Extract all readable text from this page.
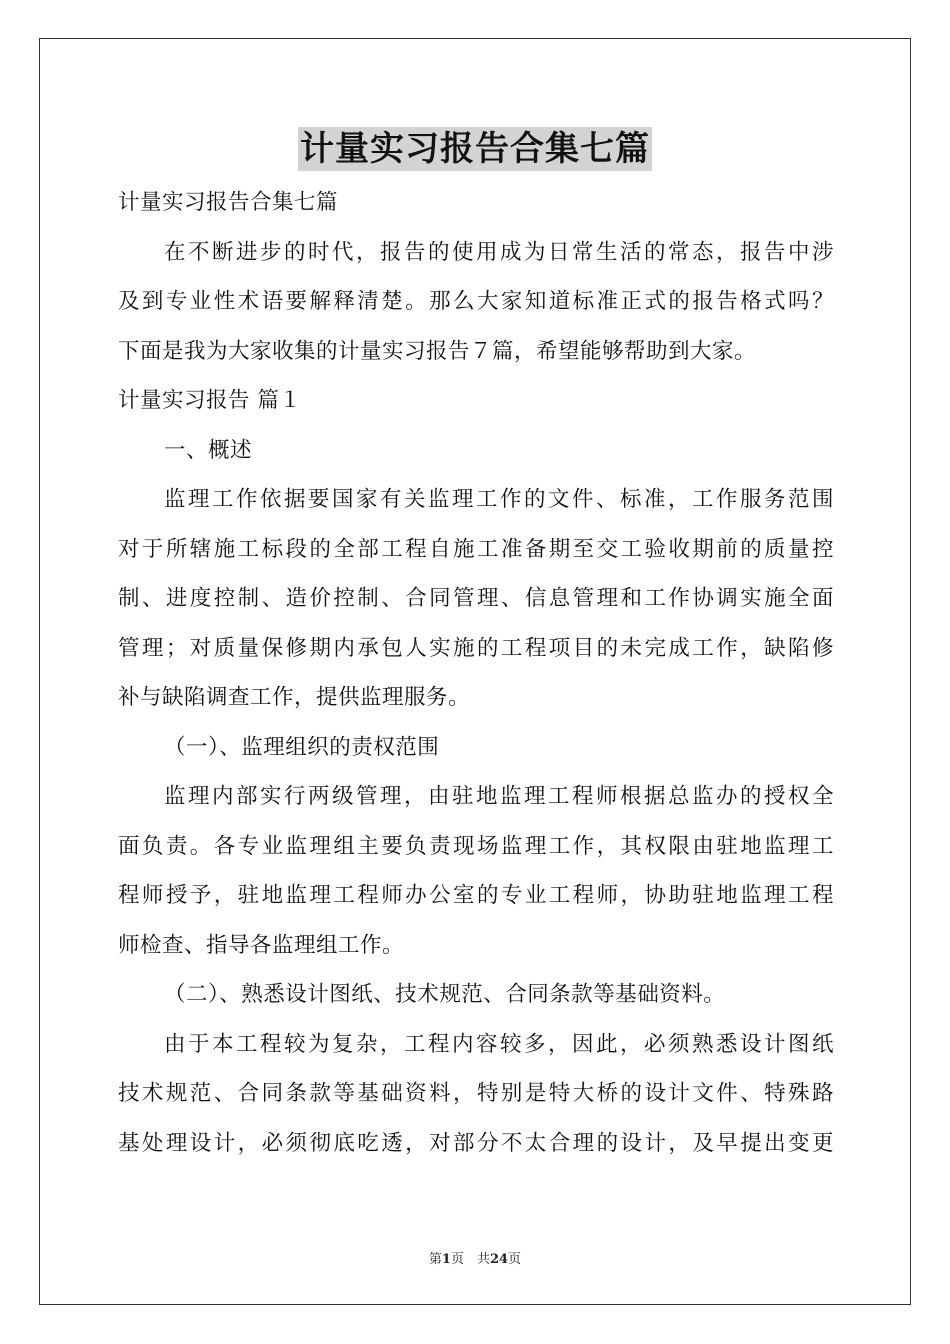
计量实习报告合集七篇
计量实习报告合集七篇
在不断进步的时代，报告的使用成为日常生活的常态，报告中涉
及到专业性术语要解释清楚。那么大家知道标准正式的报告格式吗？
下面是我为大家收集的计量实习报告７篇，希望能够帮助到大家。
计量实习报告 篇１
一、概述
监理工作依据要国家有关监理工作的文件、标准，工作服务范围
对于所辖施工标段的全部工程自施工准备期至交工验收期前的质量控
制、进度控制、造价控制、合同管理、信息管理和工作协调实施全面
管理；对质量保修期内承包人实施的工程项目的未完成工作，缺陷修
补与缺陷调查工作，提供监理服务。
（一）、监理组织的责权范围
监理内部实行两级管理，由驻地监理工程师根据总监办的授权全
面负责。各专业监理组主要负责现场监理工作，其权限由驻地监理工
程师授予，驻地监理工程师办公室的专业工程师，协助驻地监理工程
师检查、指导各监理组工作。
（二）、熟悉设计图纸、技术规范、合同条款等基础资料。
由于本工程较为复杂，工程内容较多，因此，必须熟悉设计图纸
技术规范、合同条款等基础资料，特别是特大桥的设计文件、特殊路
基处理设计，必须彻底吃透，对部分不太合理的设计，及早提出变更
第1页　共24页
